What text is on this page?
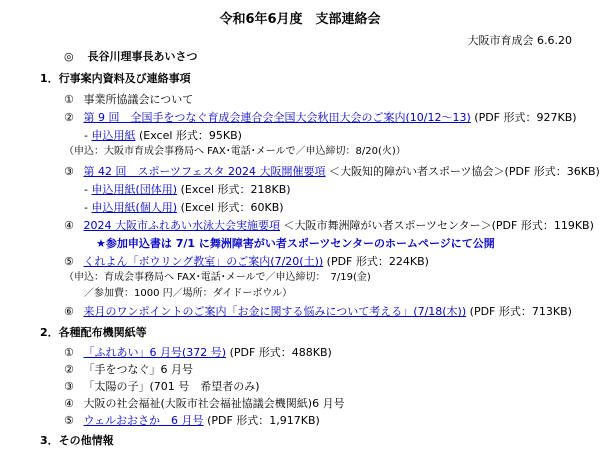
令和6年6月度　支部連絡会
大阪市育成会 6.6.20
◎ 長谷川理事長あいさつ
1．行事案内資料及び連絡事項
① 事業所協議会について
② 第 9 回　全国手をつなぐ育成会連合会全国大会秋田大会のご案内(10/12～13) (PDF 形式：927KB)
- 申込用紙 (Excel 形式：95KB)
（申込：大阪市育成会事務局へ FAX･電話･メールで／申込締切：8/20(火)）
③ 第 42 回　スポーツフェスタ 2024 大阪開催要項 ＜大阪知的障がい者スポーツ協会＞(PDF 形式：36KB)
- 申込用紙(団体用) (Excel 形式：218KB)
- 申込用紙(個人用) (Excel 形式：60KB)
④ 2024 大阪市ふれあい水泳大会実施要項 ＜大阪市舞洲障がい者スポーツセンター＞(PDF 形式：119KB)
★参加申込書は 7/1 に舞洲障害がい者スポーツセンターのホームページにて公開
⑤ くれよん「ボウリング教室」のご案内(7/20(土)) (PDF 形式：224KB)
（申込：育成会事務局へ FAX･電話･メールで／申込締切：　7/19(金)
／参加費：1000 円／場所：ダイドーボウル）
⑥ 来月のワンポイントのご案内「お金に関する悩みについて考える」(7/18(木)) (PDF 形式：713KB)
2．各種配布機関紙等
① 「ふれあい」6 月号(372 号) (PDF 形式：488KB)
② 「手をつなぐ」6 月号
③ 「太陽の子」(701 号　希望者のみ)
④ 大阪の社会福祉(大阪市社会福祉協議会機関紙)6 月号
⑤ ウェルおおさか　6 月号 (PDF 形式：1,917KB)
3．その他情報
